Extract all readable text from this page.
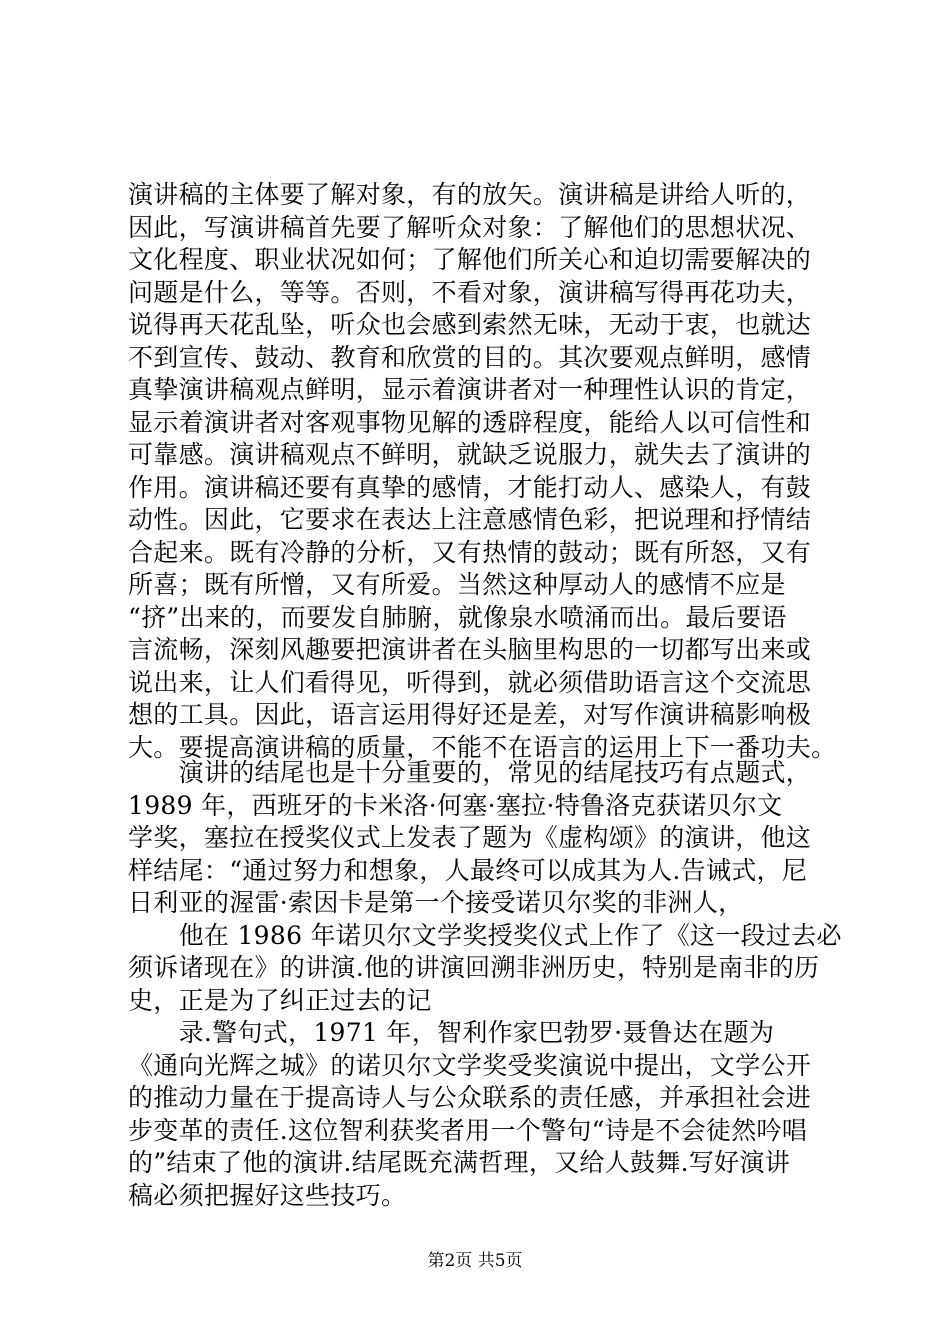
演讲稿的主体要了解对象，有的放矢。演讲稿是讲给人听的，
因此，写演讲稿首先要了解听众对象：了解他们的思想状况、
文化程度、职业状况如何；了解他们所关心和迫切需要解决的
问题是什么，等等。否则，不看对象，演讲稿写得再花功夫，
说得再天花乱坠，听众也会感到索然无味，无动于衷，也就达
不到宣传、鼓动、教育和欣赏的目的。其次要观点鲜明，感情
真挚演讲稿观点鲜明，显示着演讲者对一种理性认识的肯定，
显示着演讲者对客观事物见解的透辟程度，能给人以可信性和
可靠感。演讲稿观点不鲜明，就缺乏说服力，就失去了演讲的
作用。演讲稿还要有真挚的感情，才能打动人、感染人，有鼓
动性。因此，它要求在表达上注意感情色彩，把说理和抒情结
合起来。既有冷静的分析，又有热情的鼓动；既有所怒，又有
所喜；既有所憎，又有所爱。当然这种厚动人的感情不应是
“挤”出来的，而要发自肺腑，就像泉水喷涌而出。最后要语
言流畅，深刻风趣要把演讲者在头脑里构思的一切都写出来或
说出来，让人们看得见，听得到，就必须借助语言这个交流思
想的工具。因此，语言运用得好还是差，对写作演讲稿影响极
大。要提高演讲稿的质量，不能不在语言的运用上下一番功夫。
　　演讲的结尾也是十分重要的，常见的结尾技巧有点题式，
1989 年，西班牙的卡米洛·何塞·塞拉·特鲁洛克获诺贝尔文
学奖，塞拉在授奖仪式上发表了题为《虚构颂》的演讲，他这
样结尾：“通过努力和想象，人最终可以成其为人.告诫式，尼
日利亚的渥雷·索因卡是第一个接受诺贝尔奖的非洲人，
　　他在 1986 年诺贝尔文学奖授奖仪式上作了《这一段过去必
须诉诸现在》的讲演.他的讲演回溯非洲历史，特别是南非的历
史，正是为了纠正过去的记
　　录.警句式，1971 年，智利作家巴勃罗·聂鲁达在题为
《通向光辉之城》的诺贝尔文学奖受奖演说中提出，文学公开
的推动力量在于提高诗人与公众联系的责任感，并承担社会进
步变革的责任.这位智利获奖者用一个警句“诗是不会徒然吟唱
的”结束了他的演讲.结尾既充满哲理，又给人鼓舞.写好演讲
稿必须把握好这些技巧。
第2页 共5页
